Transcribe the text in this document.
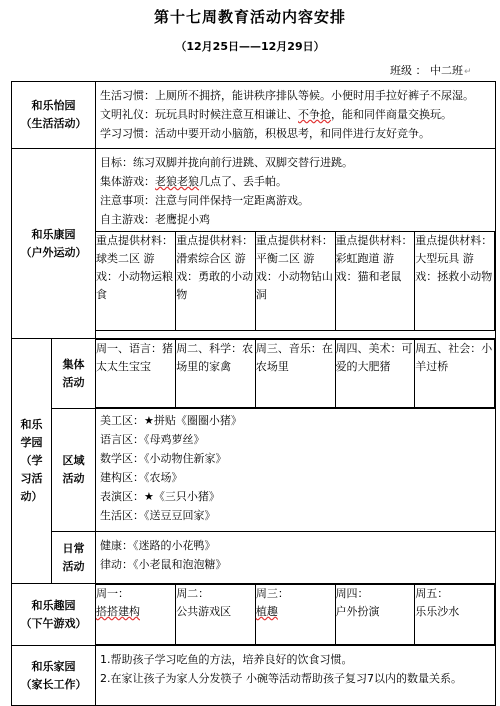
第十七周教育活动内容安排
（12月25日——12月29日）
班级 ： 中二班↵
和乐怡园
（生活活动）

生活习惯：上厕所不拥挤，能讲秩序排队等候。小便时用手拉好裤子不尿湿。
文明礼仪：玩玩具时时候注意互相谦让、不争抢，能和同伴商量交换玩。
学习习惯：活动中要开动小脑筋，积极思考，和同伴进行友好竞争。

和乐康园
（户外运动）

目标：练习双脚并拢向前行进跳、双脚交替行进跳。
集体游戏：老狼老狼几点了、丢手帕。
注意事项：注意与同伴保持一定距离游戏。
自主游戏：老鹰捉小鸡
重点提供材料：球类二区 游戏：小动物运粮食	重点提供材料：滑索综合区 游戏：勇敢的小动物	重点提供材料：平衡二区 游戏：小动物钻山洞	重点提供材料：彩虹跑道 游戏：猫和老鼠	重点提供材料：大型玩具 游戏：拯救小动物

和乐
学园
（学
习活
动）

集体
活动

周一、语言：猪太太生宝宝	周二、科学：农场里的家禽	周三、音乐：在农场里	周四、美术：可爱的大肥猪	周五、社会：小羊过桥

区域
活动

美工区：★拼贴《圈圈小猪》
语言区：《母鸡萝丝》
数学区：《小动物住新家》
建构区：《农场》
表演区：★《三只小猪》
生活区：《送豆豆回家》

日常
活动

健康：《迷路的小花鸭》
律动：《小老鼠和泡泡糖》

和乐趣园
（下午游戏）

周一：
搭搭建构

周二：
公共游戏区

周三：
植趣

周四：
户外扮演

周五：
乐乐沙水

和乐家园
（家长工作）

1.帮助孩子学习吃鱼的方法，培养良好的饮食习惯。
2.在家让孩子为家人分发筷子 小碗等活动帮助孩子复习7以内的数量关系。
